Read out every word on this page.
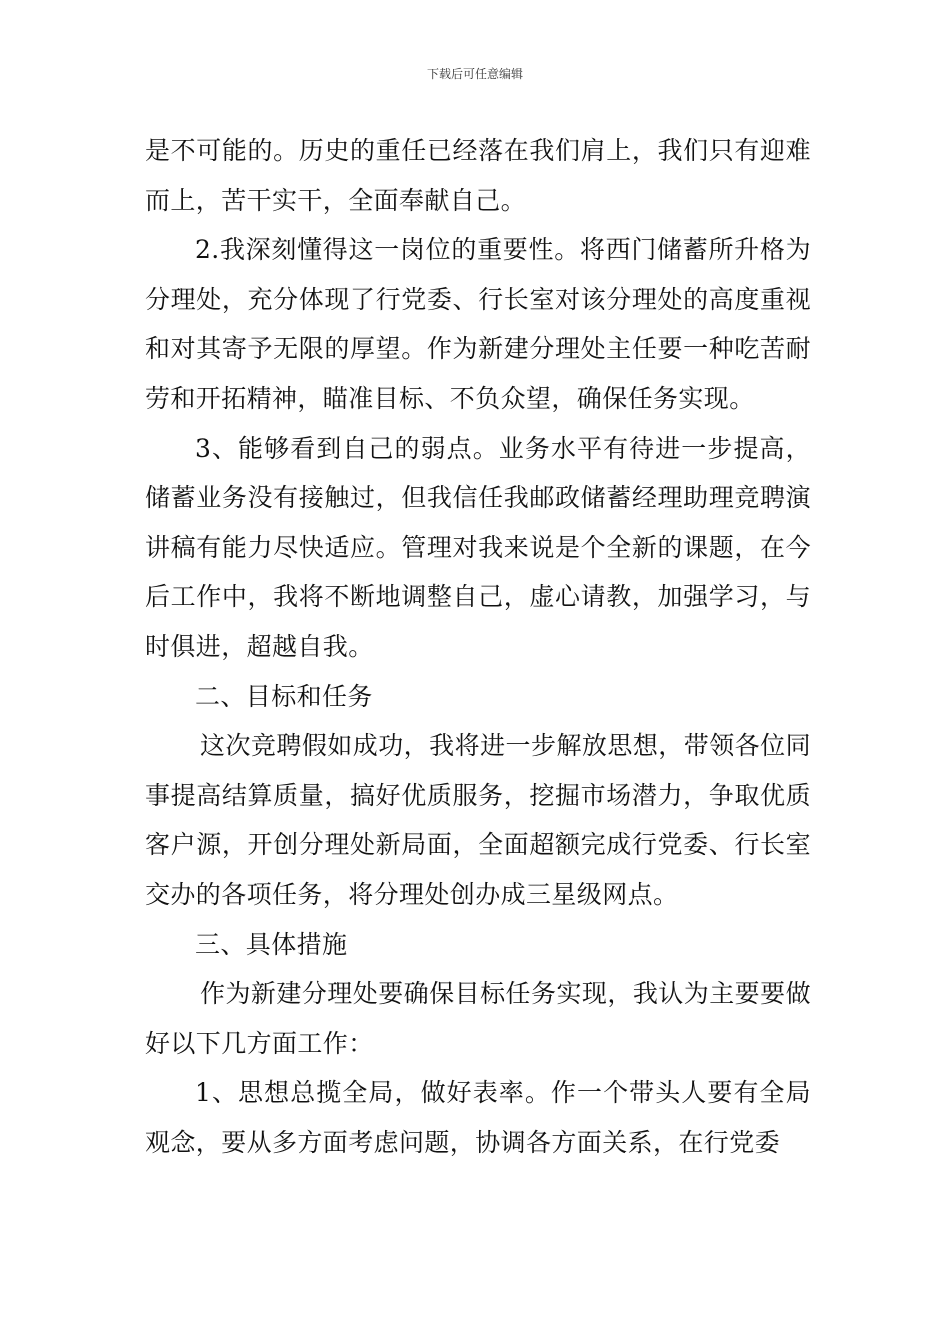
下载后可任意编辑

是不可能的。历史的重任已经落在我们肩上，我们只有迎难而上，苦干实干，全面奉献自己。

2.我深刻懂得这一岗位的重要性。将西门储蓄所升格为分理处，充分体现了行党委、行长室对该分理处的高度重视和对其寄予无限的厚望。作为新建分理处主任要一种吃苦耐劳和开拓精神，瞄准目标、不负众望，确保任务实现。

3、能够看到自己的弱点。业务水平有待进一步提高，储蓄业务没有接触过，但我信任我邮政储蓄经理助理竞聘演讲稿有能力尽快适应。管理对我来说是个全新的课题，在今后工作中，我将不断地调整自己，虚心请教，加强学习，与时俱进，超越自我。

二、目标和任务

这次竞聘假如成功，我将进一步解放思想，带领各位同事提高结算质量，搞好优质服务，挖掘市场潜力，争取优质客户源，开创分理处新局面，全面超额完成行党委、行长室交办的各项任务，将分理处创办成三星级网点。

三、具体措施

作为新建分理处要确保目标任务实现，我认为主要要做好以下几方面工作：

1、思想总揽全局，做好表率。作一个带头人要有全局观念，要从多方面考虑问题，协调各方面关系，在行党委
